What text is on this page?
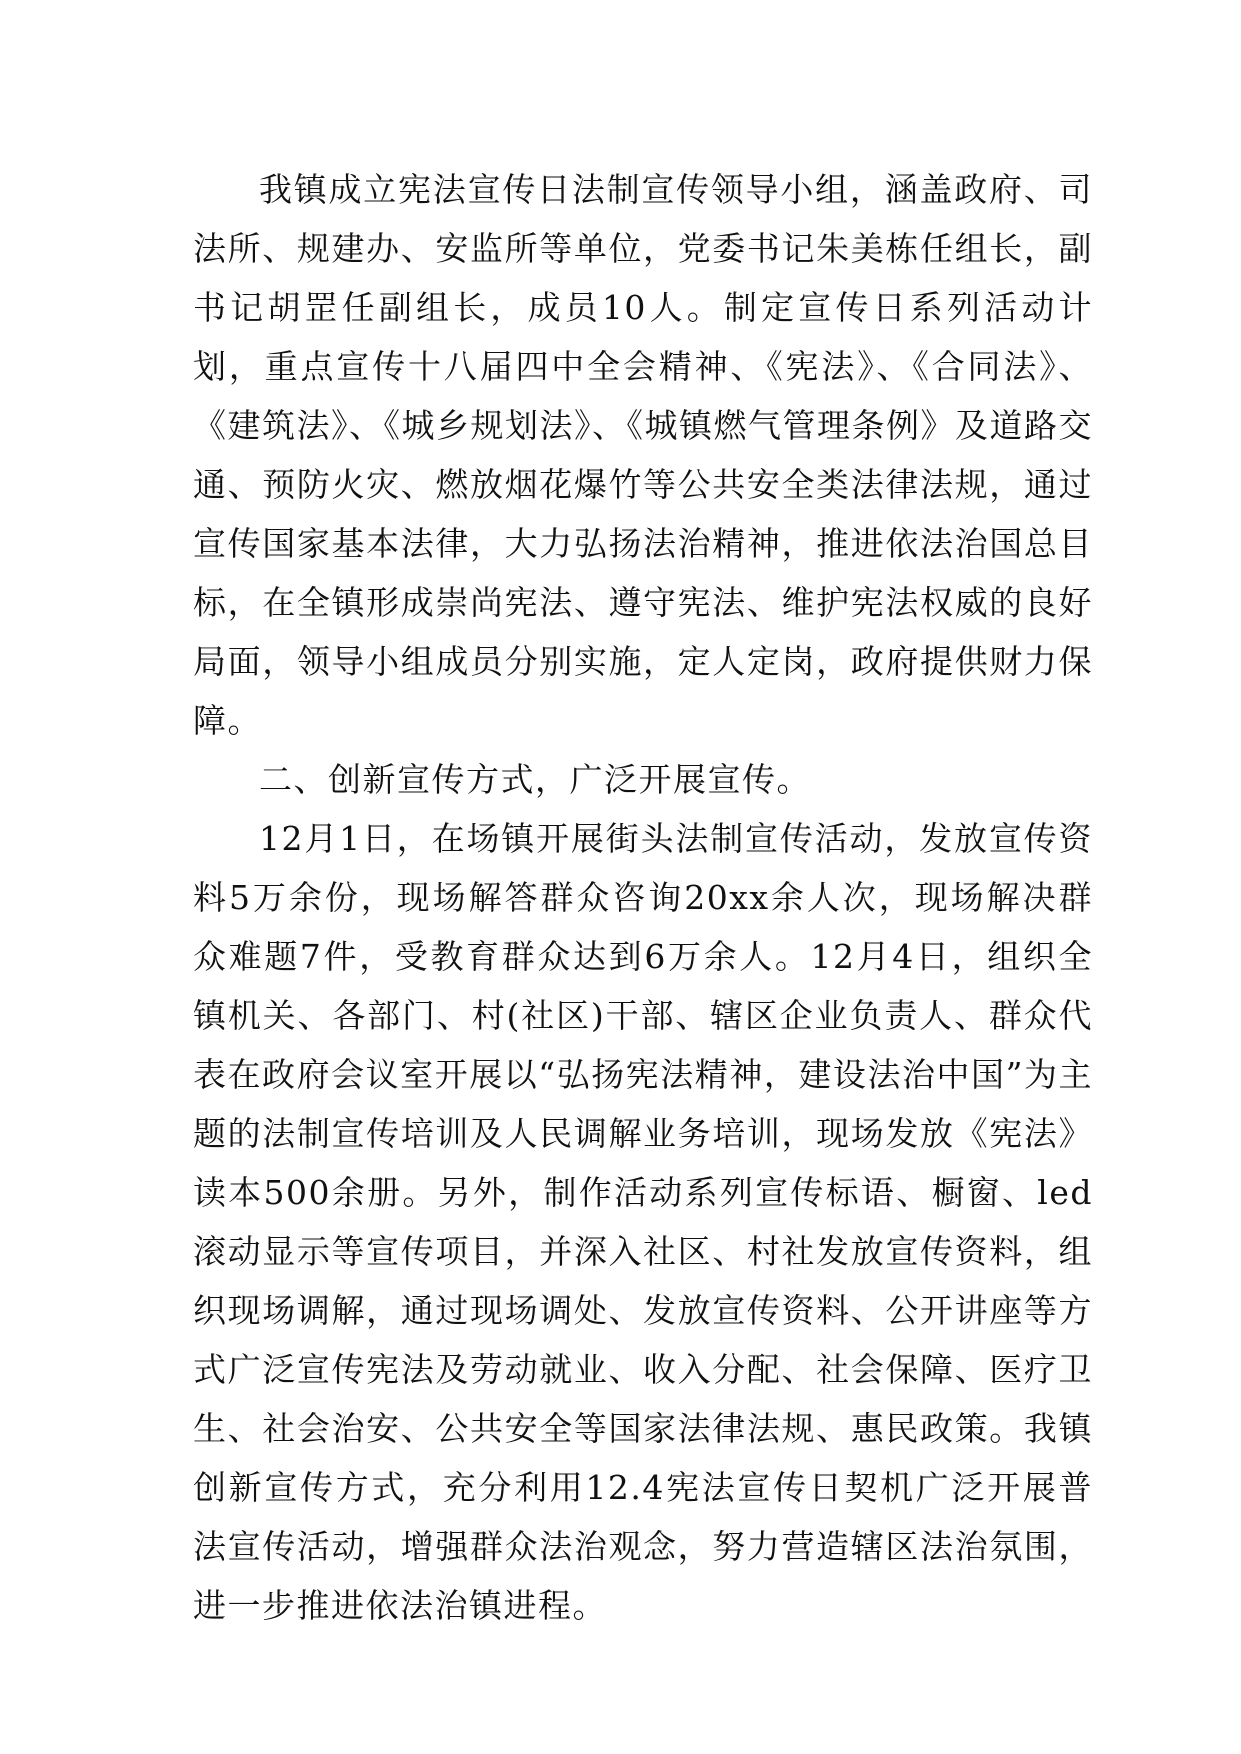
我镇成立宪法宣传日法制宣传领导小组，涵盖政府、司法所、规建办、安监所等单位，党委书记朱美栋任组长，副书记胡罡任副组长，成员10人。制定宣传日系列活动计划，重点宣传十八届四中全会精神、《宪法》、《合同法》、《建筑法》、《城乡规划法》、《城镇燃气管理条例》及道路交通、预防火灾、燃放烟花爆竹等公共安全类法律法规，通过宣传国家基本法律，大力弘扬法治精神，推进依法治国总目标，在全镇形成崇尚宪法、遵守宪法、维护宪法权威的良好局面，领导小组成员分别实施，定人定岗，政府提供财力保障。

二、创新宣传方式，广泛开展宣传。

12月1日，在场镇开展街头法制宣传活动，发放宣传资料5万余份，现场解答群众咨询20xx余人次，现场解决群众难题7件，受教育群众达到6万余人。12月4日，组织全镇机关、各部门、村(社区)干部、辖区企业负责人、群众代表在政府会议室开展以“弘扬宪法精神，建设法治中国”为主题的法制宣传培训及人民调解业务培训，现场发放《宪法》读本500余册。另外，制作活动系列宣传标语、橱窗、led滚动显示等宣传项目，并深入社区、村社发放宣传资料，组织现场调解，通过现场调处、发放宣传资料、公开讲座等方式广泛宣传宪法及劳动就业、收入分配、社会保障、医疗卫生、社会治安、公共安全等国家法律法规、惠民政策。我镇创新宣传方式，充分利用12.4宪法宣传日契机广泛开展普法宣传活动，增强群众法治观念，努力营造辖区法治氛围，进一步推进依法治镇进程。
